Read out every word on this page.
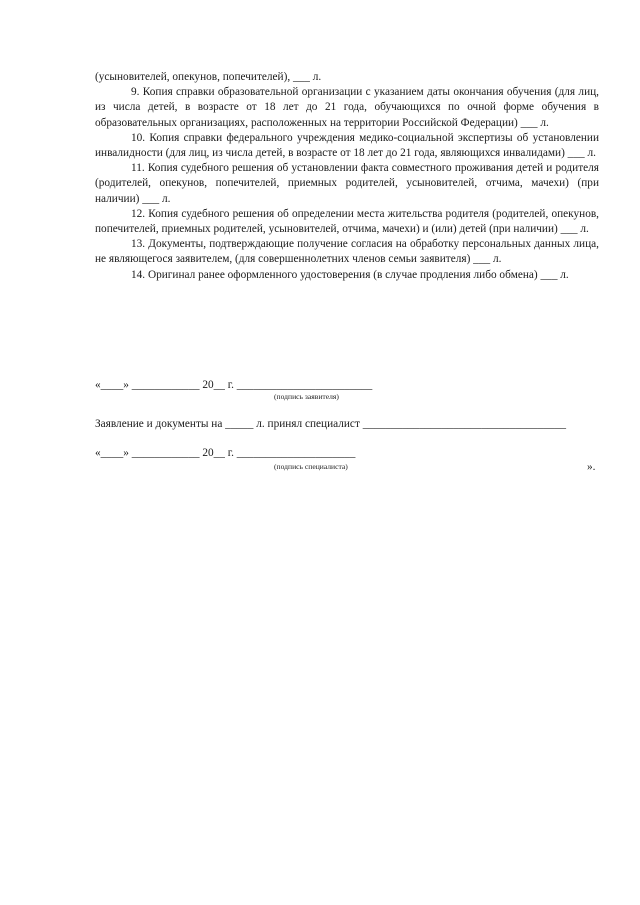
(усыновителей, опекунов, попечителей), ___ л.

9. Копия справки образовательной организации с указанием даты окончания обучения (для лиц, из числа детей, в возрасте от 18 лет до 21 года, обучающихся по очной форме обучения в образовательных организациях, расположенных на территории Российской Федерации) ___ л.

10. Копия справки федерального учреждения медико-социальной экспертизы об установлении инвалидности (для лиц, из числа детей, в возрасте от 18 лет до 21 года, являющихся инвалидами) ___ л.

11. Копия судебного решения об установлении факта совместного проживания детей и родителя (родителей, опекунов, попечителей, приемных родителей, усыновителей, отчима, мачехи) (при наличии) ___ л.

12. Копия судебного решения об определении места жительства родителя (родителей, опекунов, попечителей, приемных родителей, усыновителей, отчима, мачехи) и (или) детей (при наличии) ___ л.

13. Документы, подтверждающие получение согласия на обработку персональных данных лица, не являющегося заявителем, (для совершеннолетних членов семьи заявителя) ___ л.

14. Оригинал ранее оформленного удостоверения (в случае продления либо обмена) ___ л.

«____» ____________ 20__ г. ________________________
(подпись заявителя)
Заявление и документы на _____ л. принял специалист ____________________________________
«____» ____________ 20__ г. _____________________
(подпись специалиста)	».
